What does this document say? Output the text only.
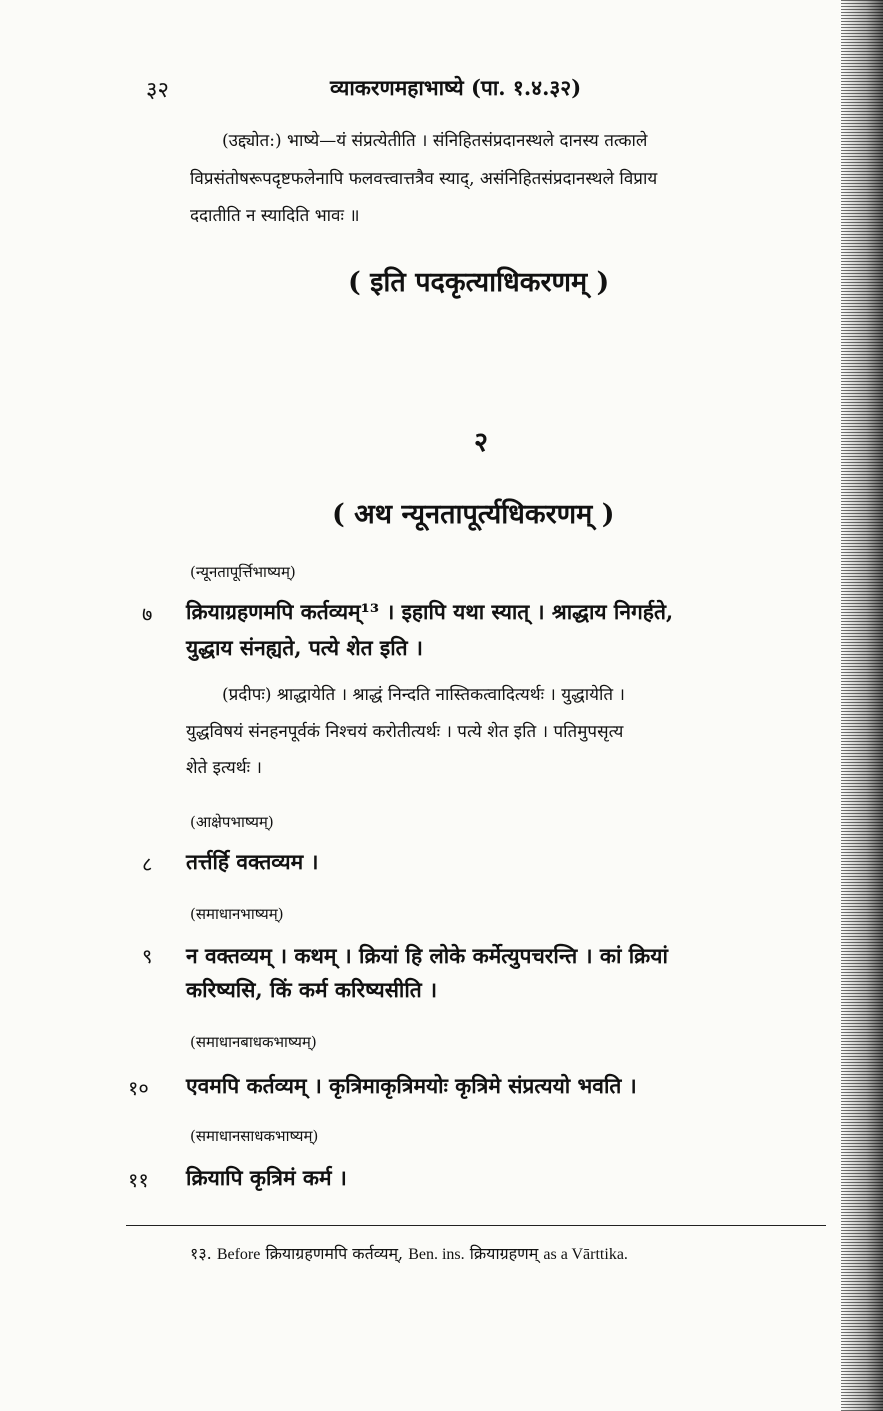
३२	व्याकरणमहाभाष्ये (पा. १.४.३२)
(उद्द्योत:) भाष्ये—यं संप्रत्येतीति । संनिहितसंप्रदानस्थले दानस्य तत्काले
विप्रसंतोषरूपदृष्टफलेनापि फलवत्त्वात्तत्रैव स्याद्, असंनिहितसंप्रदानस्थले विप्राय
ददातीति न स्यादिति भावः ॥
( इति पदकृत्याधिकरणम् )
२
( अथ न्यूनतापूर्त्यधिकरणम् )
(न्यूनतापूर्त्तिभाष्यम्)
७ क्रियाग्रहणमपि कर्तव्यम्¹³ । इहापि यथा स्यात् । श्राद्धाय निगर्हते,
युद्धाय संनह्यते, पत्ये शेत इति ।
(प्रदीपः) श्राद्धायेति । श्राद्धं निन्दति नास्तिकत्वादित्यर्थः । युद्धायेति ।
युद्धविषयं संनहनपूर्वकं निश्चयं करोतीत्यर्थः । पत्ये शेत इति । पतिमुपसृत्य
शेते इत्यर्थः ।
(आक्षेपभाष्यम्)
८ तर्त्तर्हि वक्तव्यम ।
(समाधानभाष्यम्)
९ न वक्तव्यम् । कथम् । क्रियां हि लोके कर्मेत्युपचरन्ति । कां क्रियां
करिष्यसि, किं कर्म करिष्यसीति ।
(समाधानबाधकभाष्यम्)
१० एवमपि कर्तव्यम् । कृत्रिमाकृत्रिमयोः कृत्रिमे संप्रत्ययो भवति ।
(समाधानसाधकभाष्यम्)
११ क्रियापि कृत्रिमं कर्म ।
१३. Before क्रियाग्रहणमपि कर्तव्यम्, Ben. ins. क्रियाग्रहणम् as a Vārttika.
